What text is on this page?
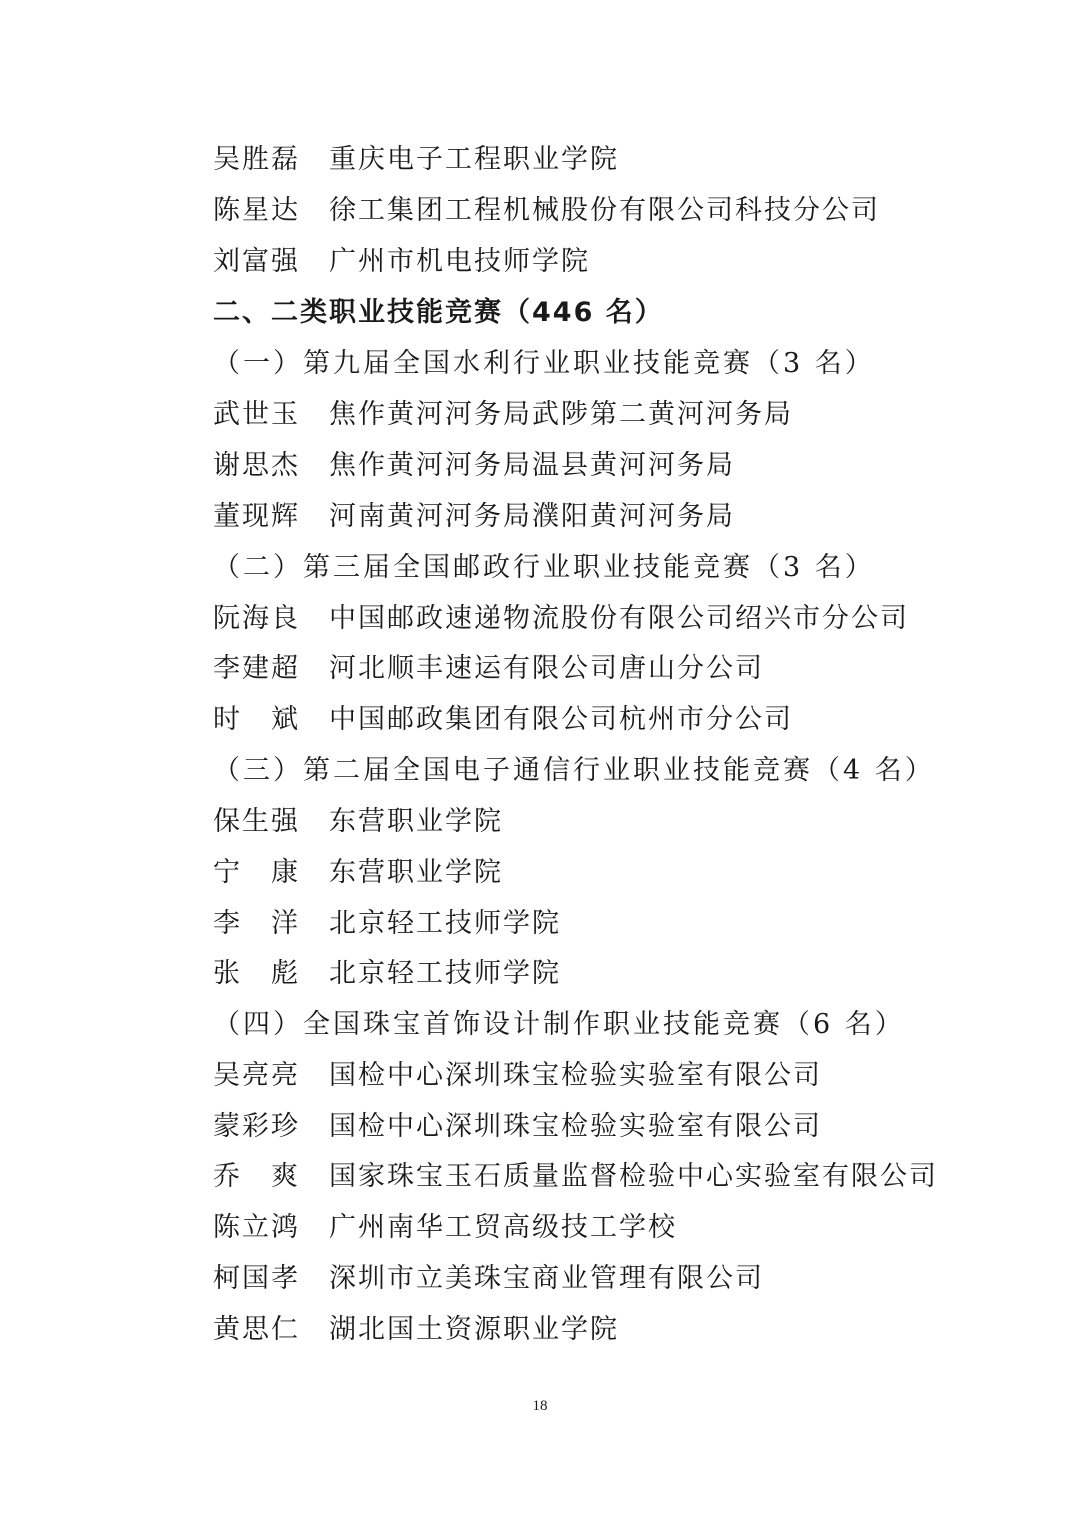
吴胜磊 重庆电子工程职业学院
陈星达 徐工集团工程机械股份有限公司科技分公司
刘富强 广州市机电技师学院
二、二类职业技能竞赛（446 名）
（一）第九届全国水利行业职业技能竞赛（3 名）
武世玉 焦作黄河河务局武陟第二黄河河务局
谢思杰 焦作黄河河务局温县黄河河务局
董现辉 河南黄河河务局濮阳黄河河务局
（二）第三届全国邮政行业职业技能竞赛（3 名）
阮海良 中国邮政速递物流股份有限公司绍兴市分公司
李建超 河北顺丰速运有限公司唐山分公司
时　斌 中国邮政集团有限公司杭州市分公司
（三）第二届全国电子通信行业职业技能竞赛（4 名）
保生强 东营职业学院
宁　康 东营职业学院
李　洋 北京轻工技师学院
张　彪 北京轻工技师学院
（四）全国珠宝首饰设计制作职业技能竞赛（6 名）
吴亮亮 国检中心深圳珠宝检验实验室有限公司
蒙彩珍 国检中心深圳珠宝检验实验室有限公司
乔　爽 国家珠宝玉石质量监督检验中心实验室有限公司
陈立鸿 广州南华工贸高级技工学校
柯国孝 深圳市立美珠宝商业管理有限公司
黄思仁 湖北国土资源职业学院
18
